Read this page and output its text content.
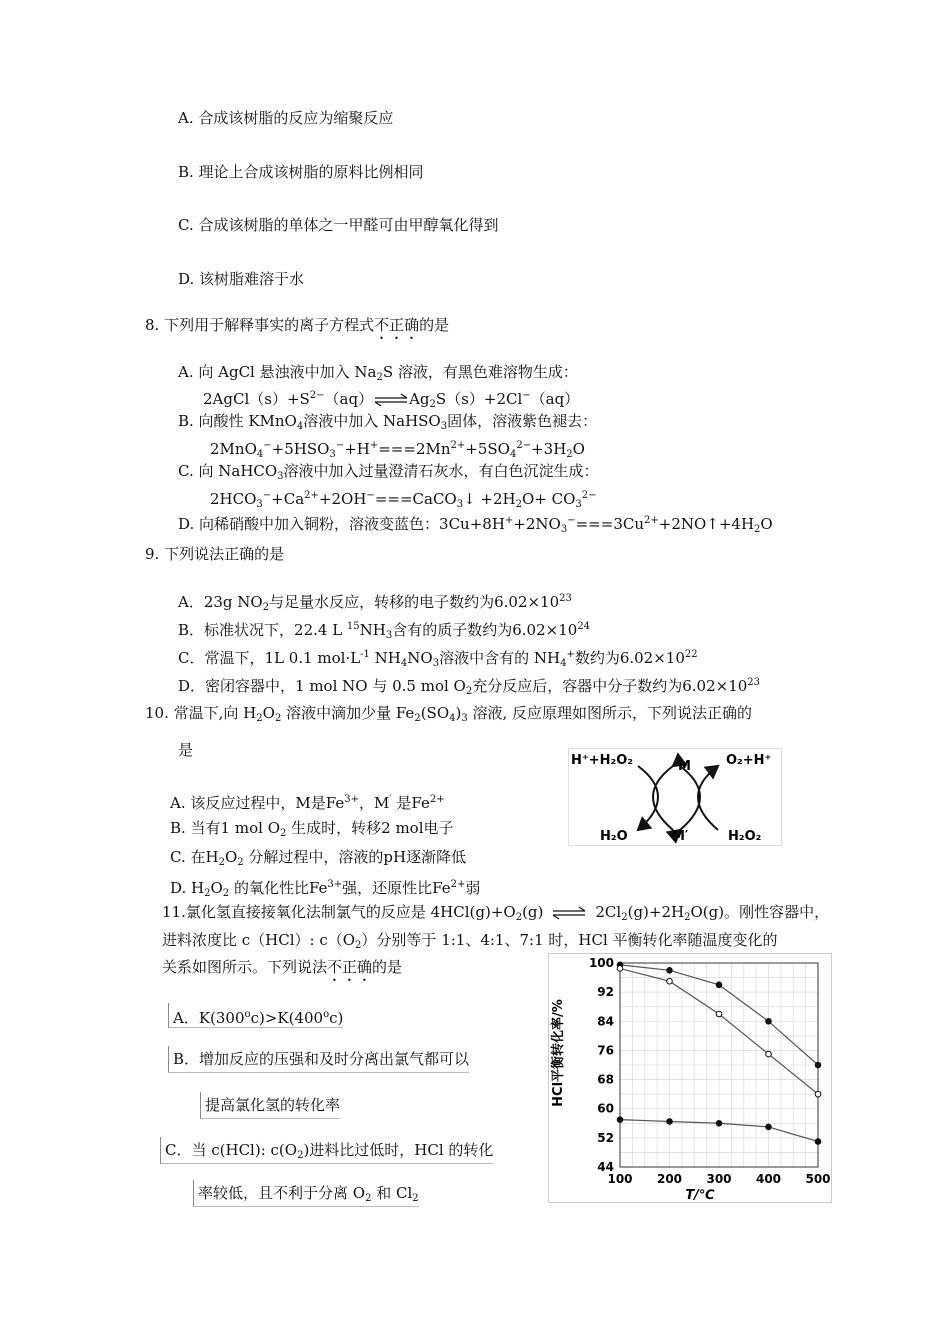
A. 合成该树脂的反应为缩聚反应
B. 理论上合成该树脂的原料比例相同
C. 合成该树脂的单体之一甲醛可由甲醇氧化得到
D. 该树脂难溶于水
8. 下列用于解释事实的离子方程式不正确的是
A. 向 AgCl 悬浊液中加入 $Na_2S$ 溶液，有黑色难溶物生成：
$2AgCl(s)+S^{2-}(aq)\rightleftharpoons Ag_2S(s)+2Cl^-(aq)$
B. 向酸性 KMnO$_4$溶液中加入 NaHSO$_3$固体，溶液紫色褪去：
$2MnO_4^-+5HSO_3^-+H^+===2Mn^{2+}+5SO_4^{2-}+3H_2O$
C. 向 NaHCO$_3$溶液中加入过量澄清石灰水，有白色沉淀生成：
$2HCO_3^-+Ca^{2+}+2OH^-===CaCO_3↓ +2H_2O+ CO_3^{2-}$
D. 向稀硝酸中加入铜粉，溶液变蓝色：$3Cu+8H^++2NO_3^-===3Cu^{2+}+2NO↑+4H_2O$
9. 下列说法正确的是
A．23g $NO_2$与足量水反应，转移的电子数约为$6.02\times 10^{23}$
B．标准状况下，22.4 L $^{15}NH_3$含有的质子数约为$6.02\times 10^{24}$
C．常温下，1L 0.1 $mol\cdot L^{-1}$ $NH_4NO_3$溶液中含有的 $NH_4^+$数约为$6.02\times 10^{22}$
D．密闭容器中，1 mol NO 与 0.5 mol $O_2$充分反应后，容器中分子数约为$6.02\times 10^{23}$
10. 常温下,向 $H_2O_2$ 溶液中滴加少量 $Fe_2(SO_4)_3$ 溶液, 反应原理如图所示，下列说法正确的
是
A. 该反应过程中，M是$Fe^{3+}$，M′ 是$Fe^{2+}$
B. 当有1 mol $O_2$ 生成时，转移2 mol电子
C. 在$H_2O_2$ 分解过程中，溶液的pH逐渐降低
D. $H_2O_2$ 的氧化性比$Fe^{3+}$强，还原性比$Fe^{2+}$弱
H⁺+H₂O₂	M	O₂+H⁺
H₂O	M′	H₂O₂
11.氯化氢直接接氧化法制氯气的反应是 $4HCl(g)+O_2(g)$ ⇌ $2Cl_2(g)+2H_2O(g)$。刚性容器中，
进料浓度比 c（HCl）: $c(O_2)$分别等于 1:1、4:1、7:1 时，HCl 平衡转化率随温度变化的
关系如图所示。下列说法不正确的是
A．$K(300^oc)>K(400^oc)$
B．增加反应的压强和及时分离出氯气都可以
提高氯化氢的转化率
C．当 c(HCl): $c(O_2)$进料比过低时，HCl 的转化
率较低，且不利于分离 $O_2$ 和 $Cl_2$
44
52
60
68
76
84
92
100
100 200 300 400 500
HCl平衡转化率/%
T/℃
